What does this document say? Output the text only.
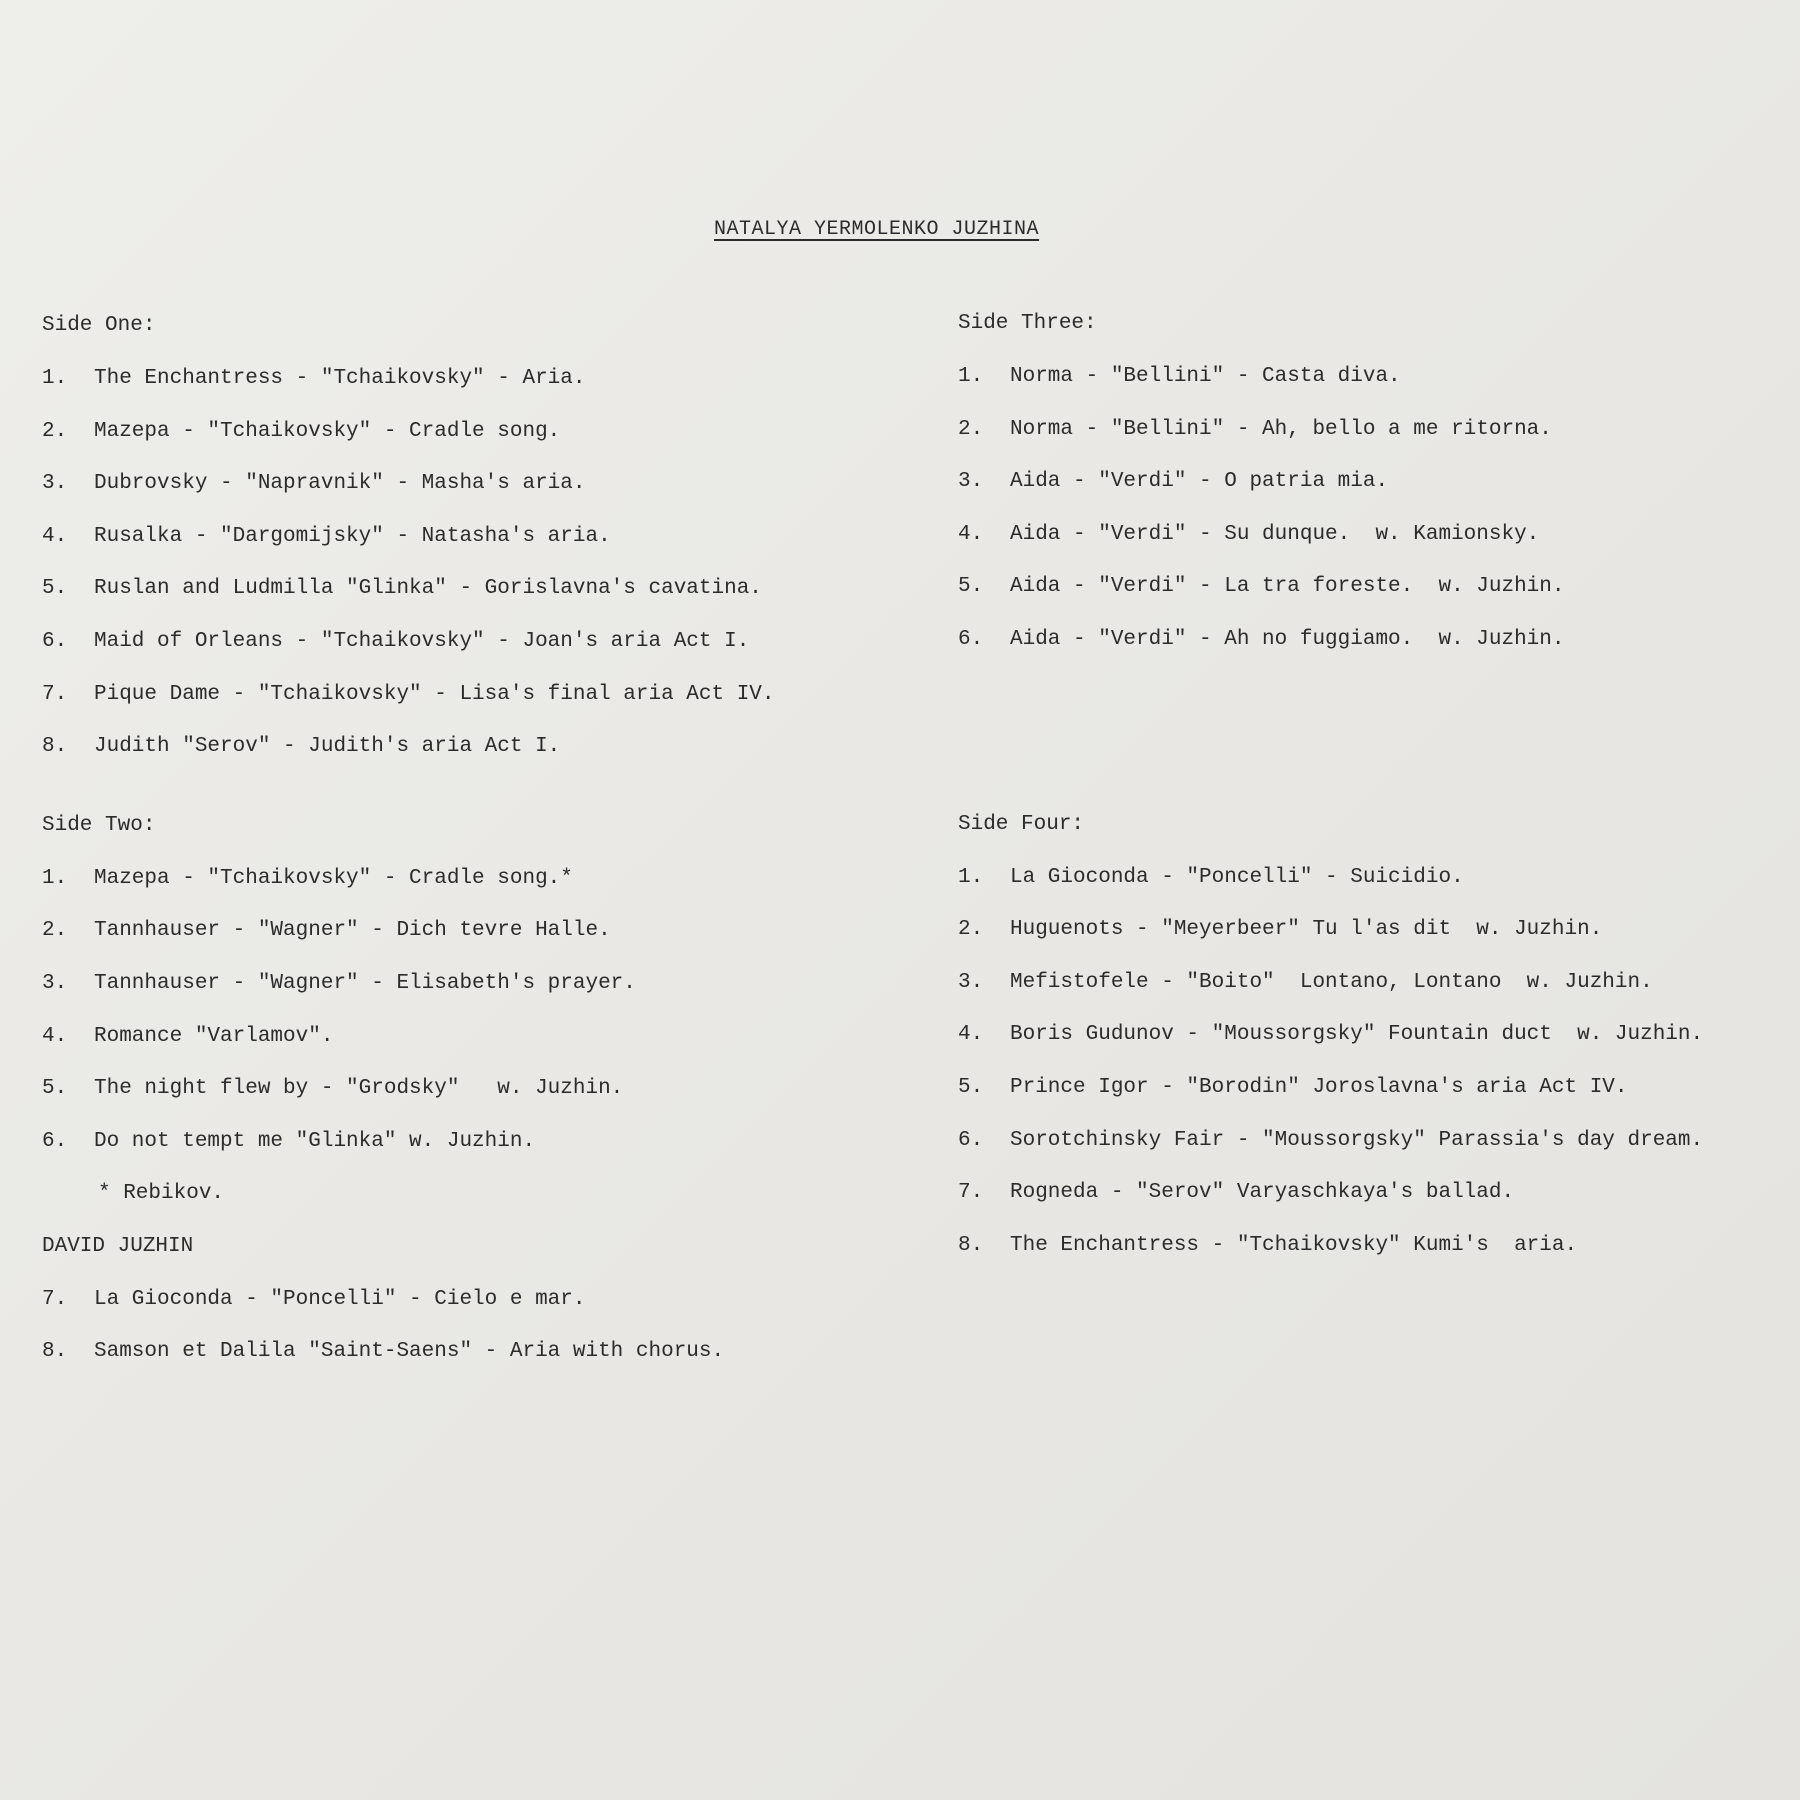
NATALYA YERMOLENKO JUZHINA
Side One:
1.	The Enchantress - "Tchaikovsky" - Aria.
2.	Mazepa - "Tchaikovsky" - Cradle song.
3.	Dubrovsky - "Napravnik" - Masha's aria.
4.	Rusalka - "Dargomijsky" - Natasha's aria.
5.	Ruslan and Ludmilla "Glinka" - Gorislavna's cavatina.
6.	Maid of Orleans - "Tchaikovsky" - Joan's aria Act I.
7.	Pique Dame - "Tchaikovsky" - Lisa's final aria Act IV.
8.	Judith "Serov" - Judith's aria Act I.
Side Two:
1.	Mazepa - "Tchaikovsky" - Cradle song.*
2.	Tannhauser - "Wagner" - Dich tevre Halle.
3.	Tannhauser - "Wagner" - Elisabeth's prayer.
4.	Romance "Varlamov".
5.	The night flew by - "Grodsky"   w. Juzhin.
6.	Do not tempt me "Glinka" w. Juzhin.
* Rebikov.
DAVID JUZHIN
7.	La Gioconda - "Poncelli" - Cielo e mar.
8.	Samson et Dalila "Saint-Saens" - Aria with chorus.
Side Three:
1.	Norma - "Bellini" - Casta diva.
2.	Norma - "Bellini" - Ah, bello a me ritorna.
3.	Aida - "Verdi" - O patria mia.
4.	Aida - "Verdi" - Su dunque.  w. Kamionsky.
5.	Aida - "Verdi" - La tra foreste.  w. Juzhin.
6.	Aida - "Verdi" - Ah no fuggiamo.  w. Juzhin.
Side Four:
1.	La Gioconda - "Poncelli" - Suicidio.
2.	Huguenots - "Meyerbeer" Tu l'as dit  w. Juzhin.
3.	Mefistofele - "Boito"  Lontano, Lontano  w. Juzhin.
4.	Boris Gudunov - "Moussorgsky" Fountain duct  w. Juzhin.
5.	Prince Igor - "Borodin" Joroslavna's aria Act IV.
6.	Sorotchinsky Fair - "Moussorgsky" Parassia's day dream.
7.	Rogneda - "Serov" Varyaschkaya's ballad.
8.	The Enchantress - "Tchaikovsky" Kumi's  aria.
